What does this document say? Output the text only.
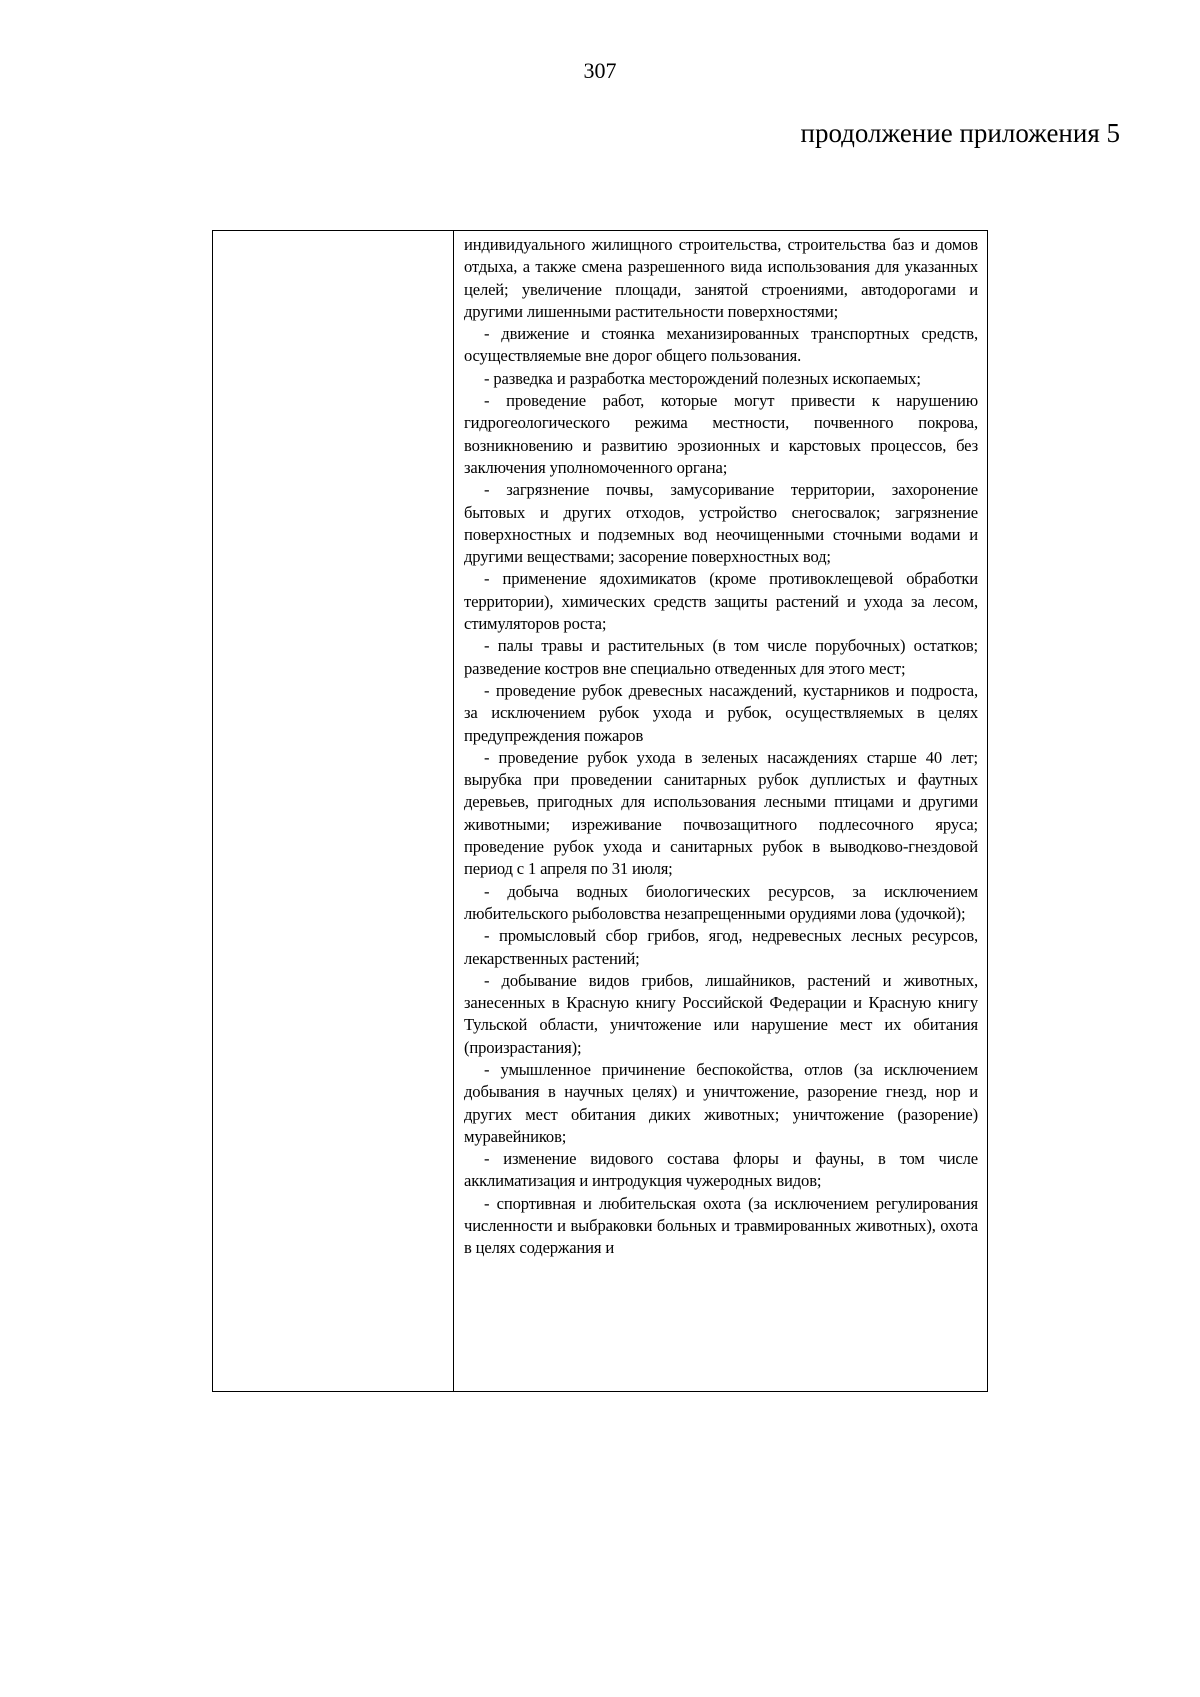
307
продолжение приложения 5

индивидуального жилищного строительства, строительства баз и домов отдыха, а также смена разрешенного вида использования для указанных целей; увеличение площади, занятой строениями, автодорогами и другими лишенными растительности поверхностями;

- движение и стоянка механизированных транспортных средств, осуществляемые вне дорог общего пользования.

- разведка и разработка месторождений полезных ископаемых;

- проведение работ, которые могут привести к нарушению гидрогеологического режима местности, почвенного покрова, возникновению и развитию эрозионных и карстовых процессов, без заключения уполномоченного органа;

- загрязнение почвы, замусоривание территории, захоронение бытовых и других отходов, устройство снегосвалок; загрязнение поверхностных и подземных вод неочищенными сточными водами и другими веществами; засорение поверхностных вод;

- применение ядохимикатов (кроме противоклещевой обработки территории), химических средств защиты растений и ухода за лесом, стимуляторов роста;

- палы травы и растительных (в том числе порубочных) остатков; разведение костров вне специально отведенных для этого мест;

- проведение рубок древесных насаждений, кустарников и подроста, за исключением рубок ухода и рубок, осуществляемых в целях предупреждения пожаров

- проведение рубок ухода в зеленых насаждениях старше 40 лет; вырубка при проведении санитарных рубок дуплистых и фаутных деревьев, пригодных для использования лесными птицами и другими животными; изреживание почвозащитного подлесочного яруса; проведение рубок ухода и санитарных рубок в выводково-гнездовой период с 1 апреля по 31 июля;

- добыча водных биологических ресурсов, за исключением любительского рыболовства незапрещенными орудиями лова (удочкой);

- промысловый сбор грибов, ягод, недревесных лесных ресурсов, лекарственных растений;

- добывание видов грибов, лишайников, растений и животных, занесенных в Красную книгу Российской Федерации и Красную книгу Тульской области, уничтожение или нарушение мест их обитания (произрастания);

- умышленное причинение беспокойства, отлов (за исключением добывания в научных целях) и уничтожение, разорение гнезд, нор и других мест обитания диких животных; уничтожение (разорение) муравейников;

- изменение видового состава флоры и фауны, в том числе акклиматизация и интродукция чужеродных видов;

- спортивная и любительская охота (за исключением регулирования численности и выбраковки больных и травмированных животных), охота в целях содержания и
